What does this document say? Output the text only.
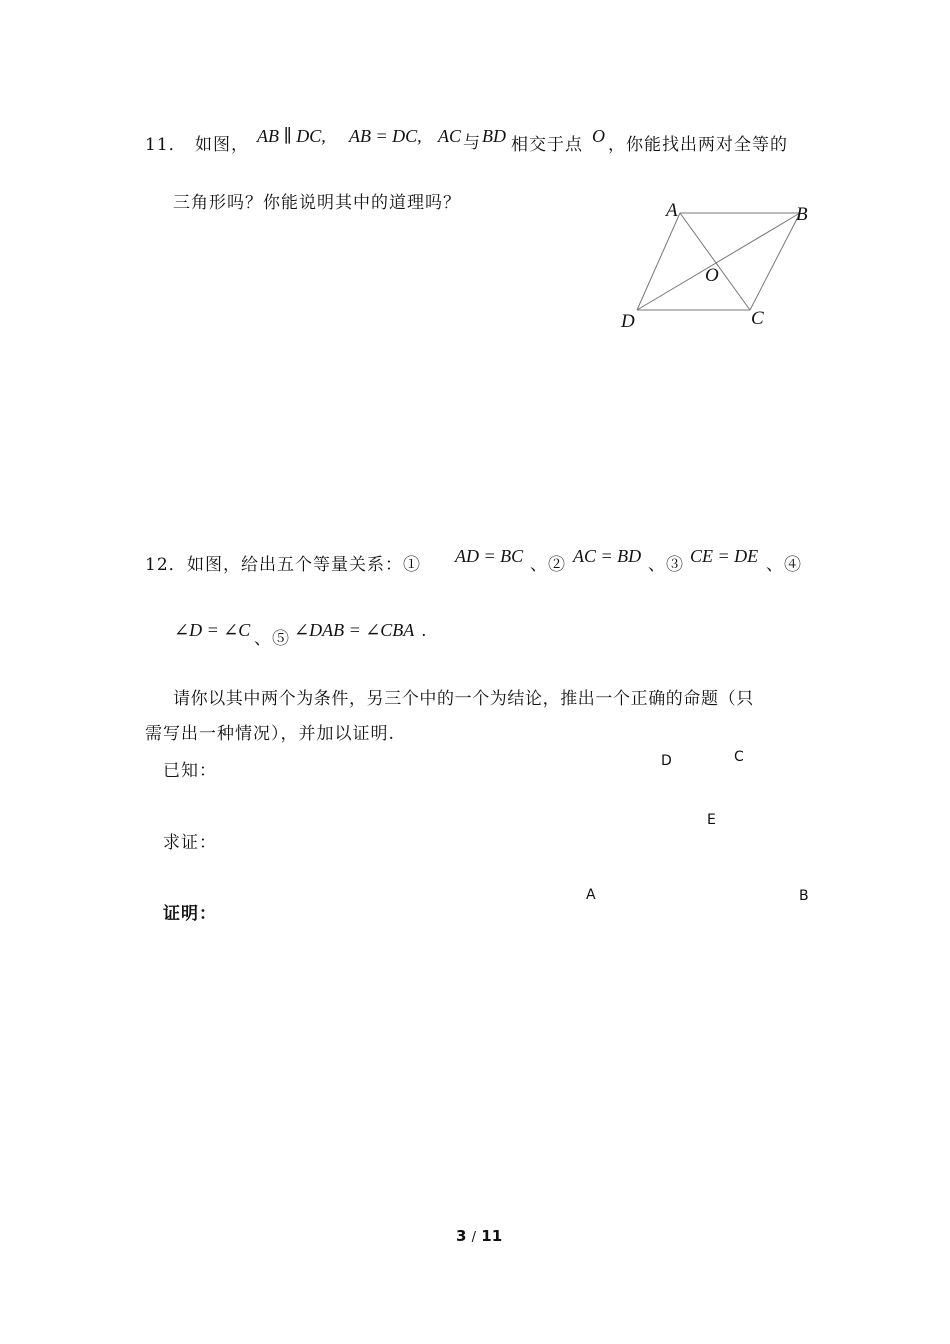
11． 如图， AB ∥ DC, AB = DC, AC 与 BD 相交于点 O ，你能找出两对全等的
三角形吗？你能说明其中的道理吗？	A	B
O
D	C
12． 如图，给出五个等量关系：① AD = BC 、② AC = BD 、③ CE = DE 、④
∠D = ∠C 、⑤ ∠DAB = ∠CBA .
请你以其中两个为条件，另三个中的一个为结论，推出一个正确的命题（只
需写出一种情况），并加以证明.
已知：
求证：
证明：
D	C
E
A	B
3 / 11
